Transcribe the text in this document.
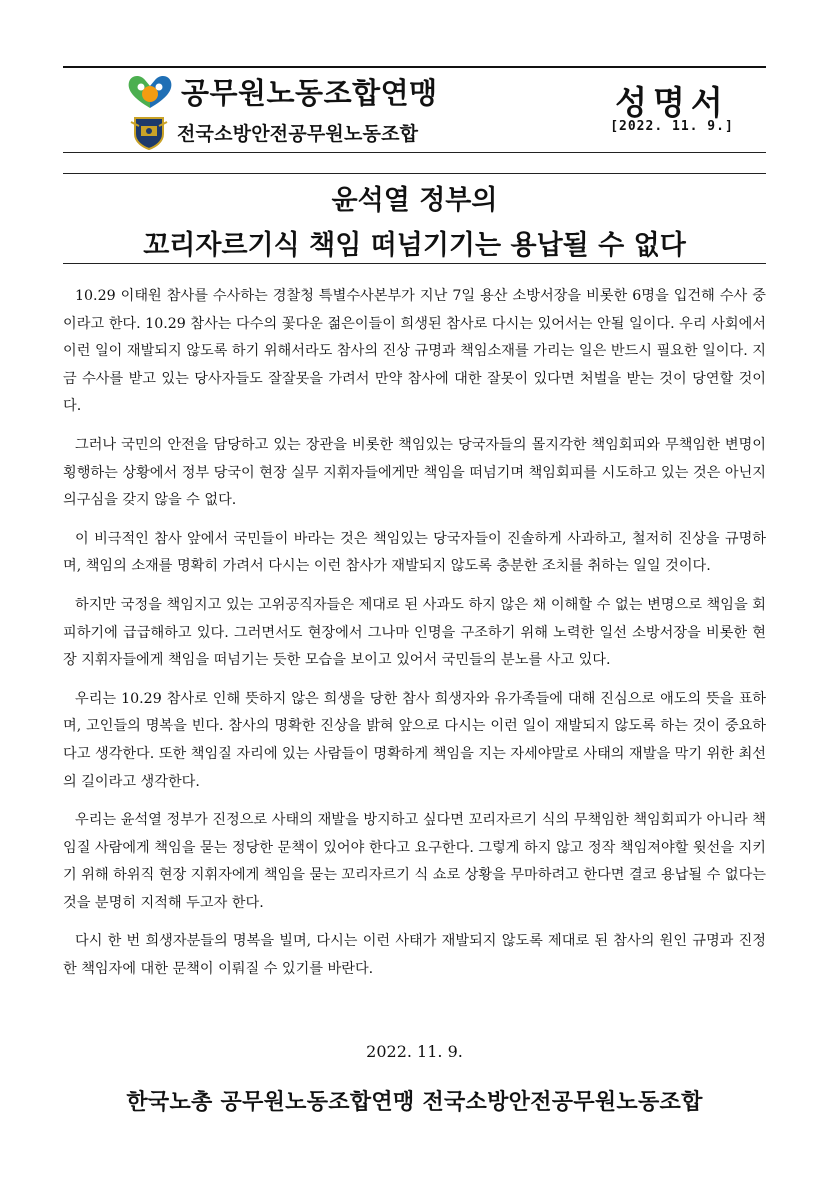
공무원노동조합연맹
전국소방안전공무원노동조합
성명서
[2022. 11. 9.]
윤석열 정부의
꼬리자르기식 책임 떠넘기기는 용납될 수 없다

10.29 이태원 참사를 수사하는 경찰청 특별수사본부가 지난 7일 용산 소방서장을 비롯한 6명을 입건해 수사 중이라고 한다. 10.29 참사는 다수의 꽃다운 젊은이들이 희생된 참사로 다시는 있어서는 안될 일이다. 우리 사회에서 이런 일이 재발되지 않도록 하기 위해서라도 참사의 진상 규명과 책임소재를 가리는 일은 반드시 필요한 일이다. 지금 수사를 받고 있는 당사자들도 잘잘못을 가려서 만약 참사에 대한 잘못이 있다면 처벌을 받는 것이 당연할 것이다.

그러나 국민의 안전을 담당하고 있는 장관을 비롯한 책임있는 당국자들의 몰지각한 책임회피와 무책임한 변명이 횡행하는 상황에서 정부 당국이 현장 실무 지휘자들에게만 책임을 떠넘기며 책임회피를 시도하고 있는 것은 아닌지 의구심을 갖지 않을 수 없다.

이 비극적인 참사 앞에서 국민들이 바라는 것은 책임있는 당국자들이 진솔하게 사과하고, 철저히 진상을 규명하며, 책임의 소재를 명확히 가려서 다시는 이런 참사가 재발되지 않도록 충분한 조치를 취하는 일일 것이다.

하지만 국정을 책임지고 있는 고위공직자들은 제대로 된 사과도 하지 않은 채 이해할 수 없는 변명으로 책임을 회피하기에 급급해하고 있다. 그러면서도 현장에서 그나마 인명을 구조하기 위해 노력한 일선 소방서장을 비롯한 현장 지휘자들에게 책임을 떠넘기는 듯한 모습을 보이고 있어서 국민들의 분노를 사고 있다.

우리는 10.29 참사로 인해 뜻하지 않은 희생을 당한 참사 희생자와 유가족들에 대해 진심으로 애도의 뜻을 표하며, 고인들의 명복을 빈다. 참사의 명확한 진상을 밝혀 앞으로 다시는 이런 일이 재발되지 않도록 하는 것이 중요하다고 생각한다. 또한 책임질 자리에 있는 사람들이 명확하게 책임을 지는 자세야말로 사태의 재발을 막기 위한 최선의 길이라고 생각한다.

우리는 윤석열 정부가 진정으로 사태의 재발을 방지하고 싶다면 꼬리자르기 식의 무책임한 책임회피가 아니라 책임질 사람에게 책임을 묻는 정당한 문책이 있어야 한다고 요구한다. 그렇게 하지 않고 정작 책임져야할 윗선을 지키기 위해 하위직 현장 지휘자에게 책임을 묻는 꼬리자르기 식 쇼로 상황을 무마하려고 한다면 결코 용납될 수 없다는 것을 분명히 지적해 두고자 한다.

다시 한 번 희생자분들의 명복을 빌며, 다시는 이런 사태가 재발되지 않도록 제대로 된 참사의 원인 규명과 진정한 책임자에 대한 문책이 이뤄질 수 있기를 바란다.

2022. 11. 9.
한국노총 공무원노동조합연맹 전국소방안전공무원노동조합
